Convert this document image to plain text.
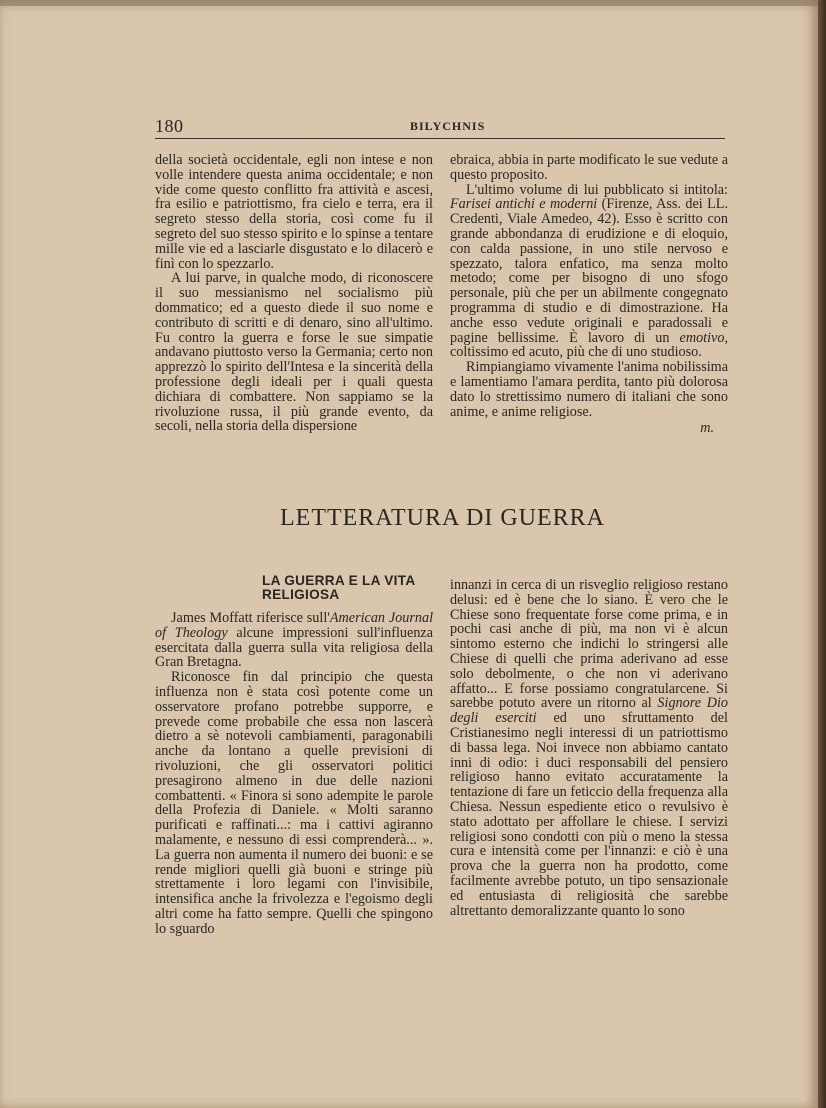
180	BILYCHNIS

della società occidentale, egli non intese e non volle intendere questa anima occidentale; e non vide come questo conflitto fra attività e ascesi, fra esilio e patriottismo, fra cielo e terra, era il segreto stesso della storia, così come fu il segreto del suo stesso spirito e lo spinse a tentare mille vie ed a lasciarle disgustato e lo dilacerò e finì con lo spezzarlo.

A lui parve, in qualche modo, di riconoscere il suo messianismo nel socialismo più dommatico; ed a questo diede il suo nome e contributo di scritti e di denaro, sino all'ultimo. Fu contro la guerra e forse le sue simpatie andavano piuttosto verso la Germania; certo non apprezzò lo spirito dell'Intesa e la sincerità della professione degli ideali per i quali questa dichiara di combattere. Non sappiamo se la rivoluzione russa, il più grande evento, da secoli, nella storia della dispersione

ebraica, abbia in parte modificato le sue vedute a questo proposito.

L'ultimo volume di lui pubblicato si intitola: Farisei antichi e moderni (Firenze, Ass. dei LL. Credenti, Viale Amedeo, 42). Esso è scritto con grande abbondanza di erudizione e di eloquio, con calda passione, in uno stile nervoso e spezzato, talora enfatico, ma senza molto metodo; come per bisogno di uno sfogo personale, più che per un abilmente congegnato programma di studio e di dimostrazione. Ha anche esso vedute originali e paradossali e pagine bellissime. È lavoro di un emotivo, coltissimo ed acuto, più che di uno studioso.

Rimpiangiamo vivamente l'anima nobilissima e lamentiamo l'amara perdita, tanto più dolorosa dato lo strettissimo numero di italiani che sono anime, e anime religiose.

m.
LETTERATURA DI GUERRA
LA GUERRA E LA VITA RELIGIOSA

James Moffatt riferisce sull'American Journal of Theology alcune impressioni sull'influenza esercitata dalla guerra sulla vita religiosa della Gran Bretagna.

Riconosce fin dal principio che questa influenza non è stata così potente come un osservatore profano potrebbe supporre, e prevede come probabile che essa non lascerà dietro a sè notevoli cambiamenti, paragonabili anche da lontano a quelle previsioni di rivoluzioni, che gli osservatori politici presagirono almeno in due delle nazioni combattenti. « Finora si sono adempite le parole della Profezia di Daniele. « Molti saranno purificati e raffinati...: ma i cattivi agiranno malamente, e nessuno di essi comprenderà... ». La guerra non aumenta il numero dei buoni: e se rende migliori quelli già buoni e stringe più strettamente i loro legami con l'invisibile, intensifica anche la frivolezza e l'egoismo degli altri come ha fatto sempre. Quelli che spingono lo sguardo

innanzi in cerca di un risveglio religioso restano delusi: ed è bene che lo siano. È vero che le Chiese sono frequentate forse come prima, e in pochi casi anche di più, ma non vi è alcun sintomo esterno che indichi lo stringersi alle Chiese di quelli che prima aderivano ad esse solo debolmente, o che non vi aderivano affatto... E forse possiamo congratularcene. Si sarebbe potuto avere un ritorno al Signore Dio degli eserciti ed uno sfruttamento del Cristianesimo negli interessi di un patriottismo di bassa lega. Noi invece non abbiamo cantato inni di odio: i duci responsabili del pensiero religioso hanno evitato accuratamente la tentazione di fare un feticcio della frequenza alla Chiesa. Nessun espediente etico o revulsivo è stato adottato per affollare le chiese. I servizi religiosi sono condotti con più o meno la stessa cura e intensità come per l'innanzi: e ciò è una prova che la guerra non ha prodotto, come facilmente avrebbe potuto, un tipo sensazionale ed entusiasta di religiosità che sarebbe altrettanto demoralizzante quanto lo sono
